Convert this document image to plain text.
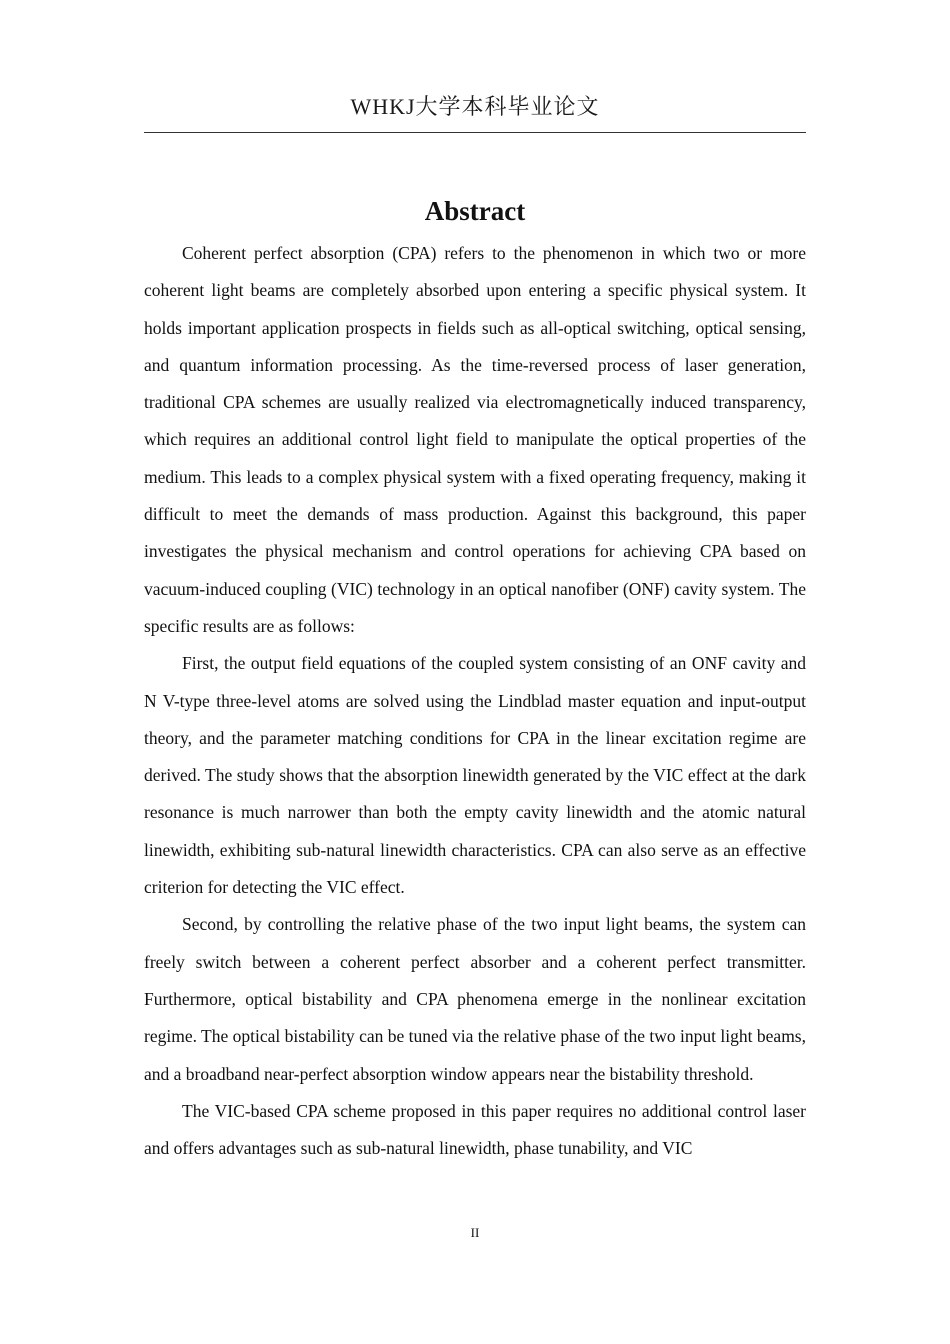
WHKJ大学本科毕业论文
Abstract

Coherent perfect absorption (CPA) refers to the phenomenon in which two or more coherent light beams are completely absorbed upon entering a specific physical system. It holds important application prospects in fields such as all-optical switching, optical sensing, and quantum information processing. As the time-reversed process of laser generation, traditional CPA schemes are usually realized via electromagnetically induced transparency, which requires an additional control light field to manipulate the optical properties of the medium. This leads to a complex physical system with a fixed operating frequency, making it difficult to meet the demands of mass production. Against this background, this paper investigates the physical mechanism and control operations for achieving CPA based on vacuum-induced coupling (VIC) technology in an optical nanofiber (ONF) cavity system. The specific results are as follows:

First, the output field equations of the coupled system consisting of an ONF cavity and N V-type three-level atoms are solved using the Lindblad master equation and input-output theory, and the parameter matching conditions for CPA in the linear excitation regime are derived. The study shows that the absorption linewidth generated by the VIC effect at the dark resonance is much narrower than both the empty cavity linewidth and the atomic natural linewidth, exhibiting sub-natural linewidth characteristics. CPA can also serve as an effective criterion for detecting the VIC effect.

Second, by controlling the relative phase of the two input light beams, the system can freely switch between a coherent perfect absorber and a coherent perfect transmitter. Furthermore, optical bistability and CPA phenomena emerge in the nonlinear excitation regime. The optical bistability can be tuned via the relative phase of the two input light beams, and a broadband near-perfect absorption window appears near the bistability threshold.

The VIC-based CPA scheme proposed in this paper requires no additional control laser and offers advantages such as sub-natural linewidth, phase tunability, and VIC

II
